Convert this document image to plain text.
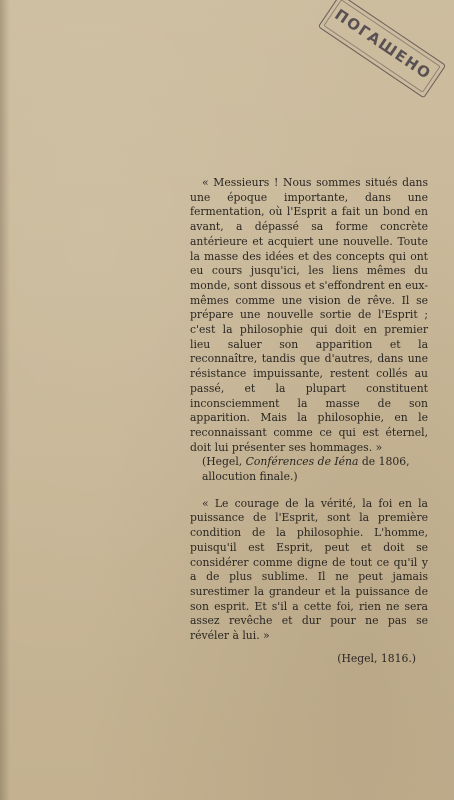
ПОГАШЕНО

« Messieurs ! Nous sommes situés dans une époque importante, dans une fermentation, où l'Esprit a fait un bond en avant, a dépassé sa forme concrète antérieure et acquiert une nouvelle. Toute la masse des idées et des concepts qui ont eu cours jusqu'ici, les liens mêmes du monde, sont dissous et s'effondrent en eux-mêmes comme une vision de rêve. Il se prépare une nouvelle sortie de l'Esprit ; c'est la philosophie qui doit en premier lieu saluer son apparition et la reconnaître, tandis que d'autres, dans une résistance impuissante, restent collés au passé, et la plupart constituent inconsciemment la masse de son apparition. Mais la philosophie, en le reconnaissant comme ce qui est éternel, doit lui présenter ses hommages. »

(Hegel, Conférences de Iéna de 1806, allocution finale.)

« Le courage de la vérité, la foi en la puissance de l'Esprit, sont la première condition de la philosophie. L'homme, puisqu'il est Esprit, peut et doit se considérer comme digne de tout ce qu'il y a de plus sublime. Il ne peut jamais surestimer la grandeur et la puissance de son esprit. Et s'il a cette foi, rien ne sera assez revêche et dur pour ne pas se révéler à lui. »

(Hegel, 1816.)
